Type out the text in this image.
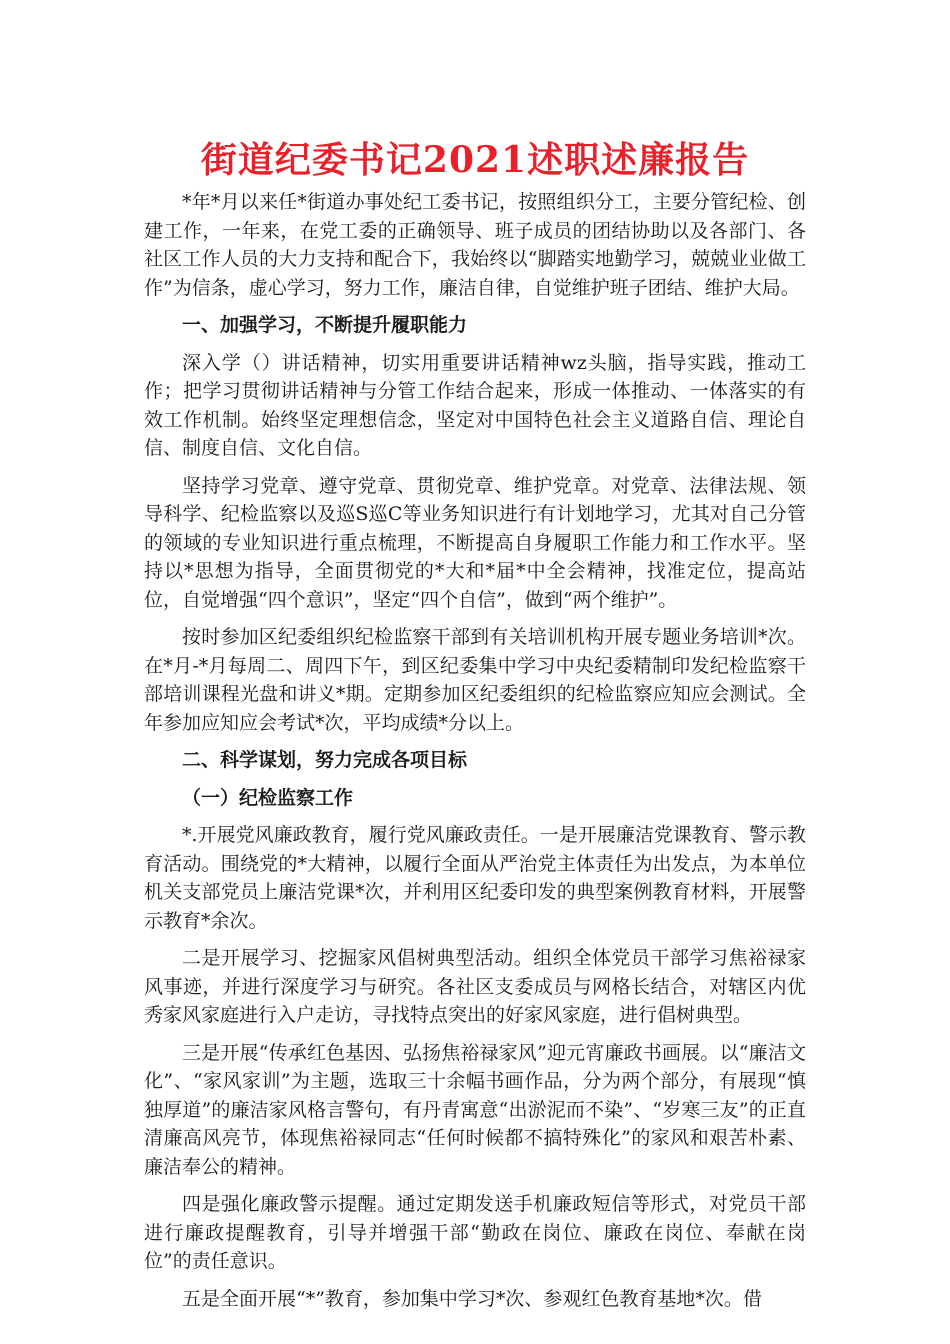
街道纪委书记2021述职述廉报告

*年*月以来任*街道办事处纪工委书记，按照组织分工，主要分管纪检、创建工作，一年来，在党工委的正确领导、班子成员的团结协助以及各部门、各社区工作人员的大力支持和配合下，我始终以“脚踏实地勤学习，兢兢业业做工作”为信条，虚心学习，努力工作，廉洁自律，自觉维护班子团结、维护大局。

一、加强学习，不断提升履职能力

深入学（）讲话精神，切实用重要讲话精神wz头脑，指导实践，推动工作；把学习贯彻讲话精神与分管工作结合起来，形成一体推动、一体落实的有效工作机制。始终坚定理想信念，坚定对中国特色社会主义道路自信、理论自信、制度自信、文化自信。

坚持学习党章、遵守党章、贯彻党章、维护党章。对党章、法律法规、领导科学、纪检监察以及巡S巡C等业务知识进行有计划地学习，尤其对自己分管的领域的专业知识进行重点梳理，不断提高自身履职工作能力和工作水平。坚持以*思想为指导，全面贯彻党的*大和*届*中全会精神，找准定位，提高站位，自觉增强“四个意识”，坚定“四个自信”，做到“两个维护”。

按时参加区纪委组织纪检监察干部到有关培训机构开展专题业务培训*次。在*月-*月每周二、周四下午，到区纪委集中学习中央纪委精制印发纪检监察干部培训课程光盘和讲义*期。定期参加区纪委组织的纪检监察应知应会测试。全年参加应知应会考试*次，平均成绩*分以上。

二、科学谋划，努力完成各项目标

（一）纪检监察工作

*.开展党风廉政教育，履行党风廉政责任。一是开展廉洁党课教育、警示教育活动。围绕党的*大精神，以履行全面从严治党主体责任为出发点，为本单位机关支部党员上廉洁党课*次，并利用区纪委印发的典型案例教育材料，开展警示教育*余次。

二是开展学习、挖掘家风倡树典型活动。组织全体党员干部学习焦裕禄家风事迹，并进行深度学习与研究。各社区支委成员与网格长结合，对辖区内优秀家风家庭进行入户走访，寻找特点突出的好家风家庭，进行倡树典型。

三是开展“传承红色基因、弘扬焦裕禄家风”迎元宵廉政书画展。以“廉洁文化”、“家风家训”为主题，选取三十余幅书画作品，分为两个部分，有展现“慎独厚道”的廉洁家风格言警句，有丹青寓意“出淤泥而不染”、“岁寒三友”的正直清廉高风亮节，体现焦裕禄同志“任何时候都不搞特殊化”的家风和艰苦朴素、廉洁奉公的精神。

四是强化廉政警示提醒。通过定期发送手机廉政短信等形式，对党员干部进行廉政提醒教育，引导并增强干部“勤政在岗位、廉政在岗位、奉献在岗位”的责任意识。

五是全面开展“*”教育，参加集中学习*次、参观红色教育基地*次。借
